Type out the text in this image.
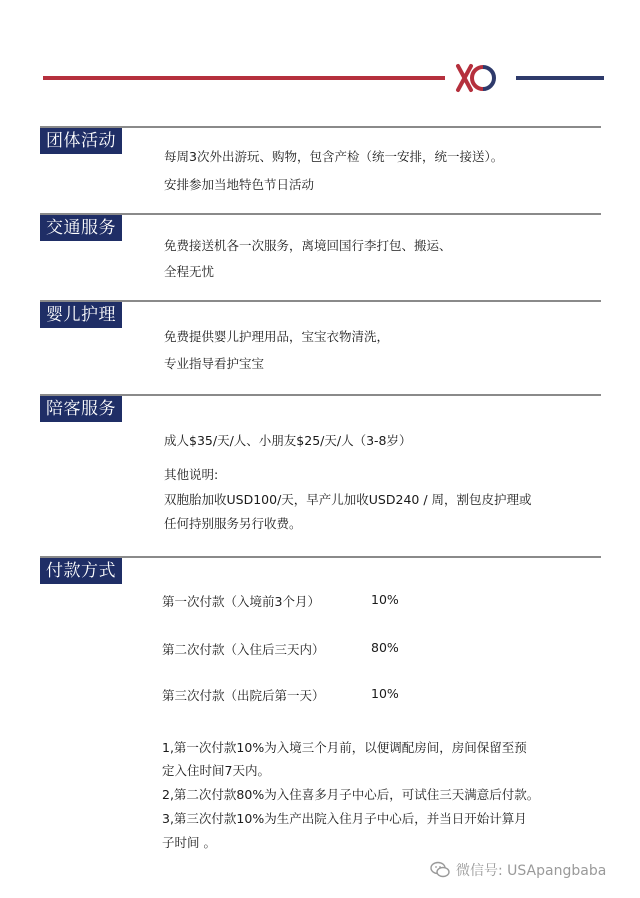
团体活动
每周3次外出游玩、购物，包含产检（统一安排，统一接送）。
安排参加当地特色节日活动
交通服务
免费接送机各一次服务，离境回国行李打包、搬运、
全程无忧
婴儿护理
免费提供婴儿护理用品，宝宝衣物清洗，
专业指导看护宝宝
陪客服务
成人$35/天/人、小朋友$25/天/人（3-8岁）
其他说明:
双胞胎加收USD100/天，早产儿加收USD240 / 周，割包皮护理或
任何持别服务另行收费。
付款方式
第一次付款（入境前3个月）	10%
第二次付款（入住后三天内）	80%
第三次付款（出院后第一天）	10%
1,第一次付款10%为入境三个月前，以便调配房间，房间保留至预
定入住时间7天内。
2,第二次付款80%为入住喜多月子中心后，可试住三天满意后付款。
3,第三次付款10%为生产出院入住月子中心后，并当日开始计算月
子时间 。
微信号: USApangbaba
